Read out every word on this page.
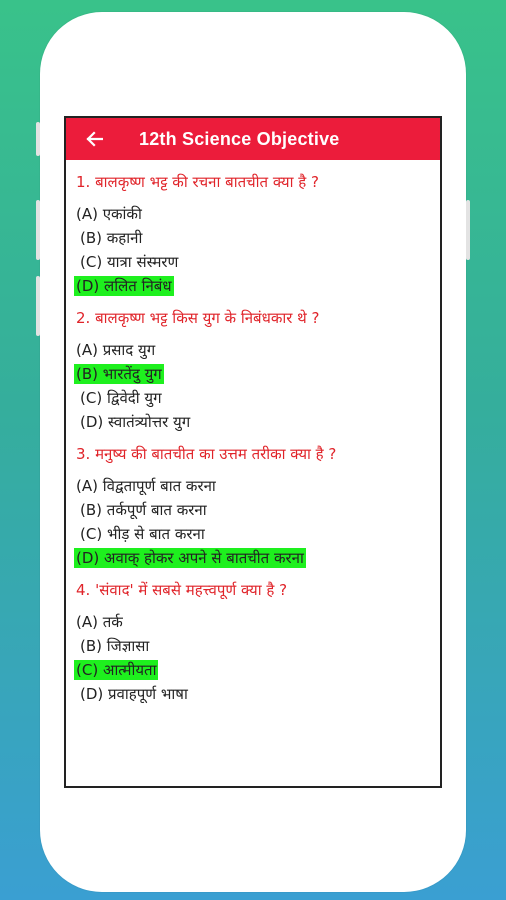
12th Science Objective
1. बालकृष्ण भट्ट की रचना बातचीत क्या है ?
(A) एकांकी
(B) कहानी
(C) यात्रा संस्मरण
(D) ललित निबंध
2. बालकृष्ण भट्ट किस युग के निबंधकार थे ?
(A) प्रसाद युग
(B) भारतेंदु युग
(C) द्विवेदी युग
(D) स्वातंत्र्योत्तर युग
3. मनुष्य की बातचीत का उत्तम तरीका क्या है ?
(A) विद्वतापूर्ण बात करना
(B) तर्कपूर्ण बात करना
(C) भीड़ से बात करना
(D) अवाक् होकर अपने से बातचीत करना
4. 'संवाद' में सबसे महत्त्वपूर्ण क्या है ?
(A) तर्क
(B) जिज्ञासा
(C) आत्मीयता
(D) प्रवाहपूर्ण भाषा
